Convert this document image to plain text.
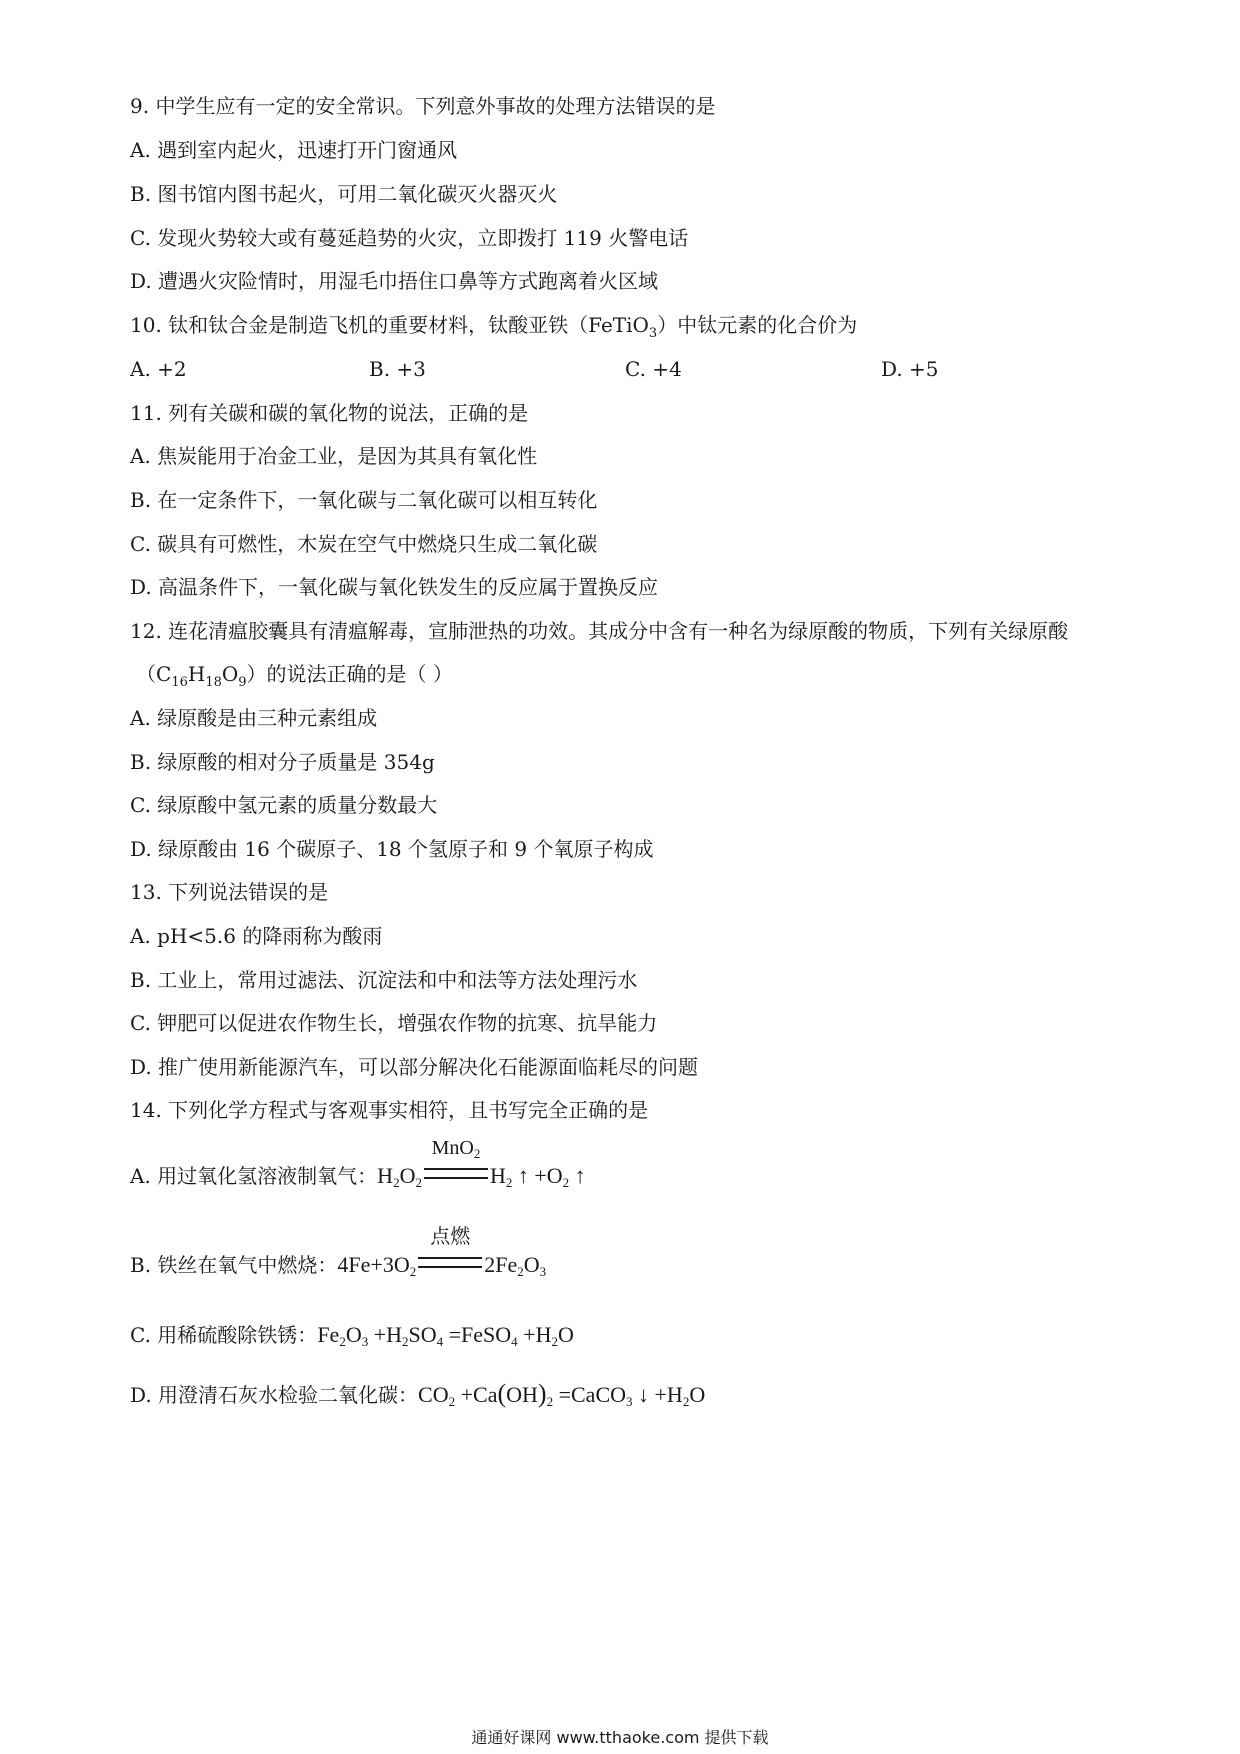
9. 中学生应有一定的安全常识。下列意外事故的处理方法错误的是
A. 遇到室内起火，迅速打开门窗通风
B. 图书馆内图书起火，可用二氧化碳灭火器灭火
C. 发现火势较大或有蔓延趋势的火灾，立即拨打 119 火警电话
D. 遭遇火灾险情时，用湿毛巾捂住口鼻等方式跑离着火区域
10. 钛和钛合金是制造飞机的重要材料，钛酸亚铁（FeTiO$_3$）中钛元素的化合价为
A. +2	B. +3	C. +4	D. +5
11. 列有关碳和碳的氧化物的说法，正确的是
A. 焦炭能用于冶金工业，是因为其具有氧化性
B. 在一定条件下，一氧化碳与二氧化碳可以相互转化
C. 碳具有可燃性，木炭在空气中燃烧只生成二氧化碳
D. 高温条件下，一氧化碳与氧化铁发生的反应属于置换反应
12. 连花清瘟胶囊具有清瘟解毒，宣肺泄热的功效。其成分中含有一种名为绿原酸的物质，下列有关绿原酸
$(C_{16}H_{18}O_9)$的说法正确的是（ ）
A. 绿原酸是由三种元素组成
B. 绿原酸的相对分子质量是 354g
C. 绿原酸中氢元素的质量分数最大
D. 绿原酸由 16 个碳原子、18 个氢原子和 9 个氧原子构成
13. 下列说法错误的是
A. pH<5.6 的降雨称为酸雨
B. 工业上，常用过滤法、沉淀法和中和法等方法处理污水
C. 钾肥可以促进农作物生长，增强农作物的抗寒、抗旱能力
D. 推广使用新能源汽车，可以部分解决化石能源面临耗尽的问题
14. 下列化学方程式与客观事实相符，且书写完全正确的是
A. 用过氧化氢溶液制氧气：$H_2O_2$
MnO$_2$
$H_2$ ↑ $+O_2$ ↑
B. 铁丝在氧气中燃烧：$4Fe+3O_2$
点燃
$2Fe_2O_3$
C. 用稀硫酸除铁锈：$Fe_2O_3 +H_2SO_4$ =FeSO$_4$ $+H_2O$
D. 用澄清石灰水检验二氧化碳：$CO_2 +Ca(OH)_2$ =CaCO$_3$ ↓ $+H_2O$
通通好课网 www.tthaoke.com 提供下载
